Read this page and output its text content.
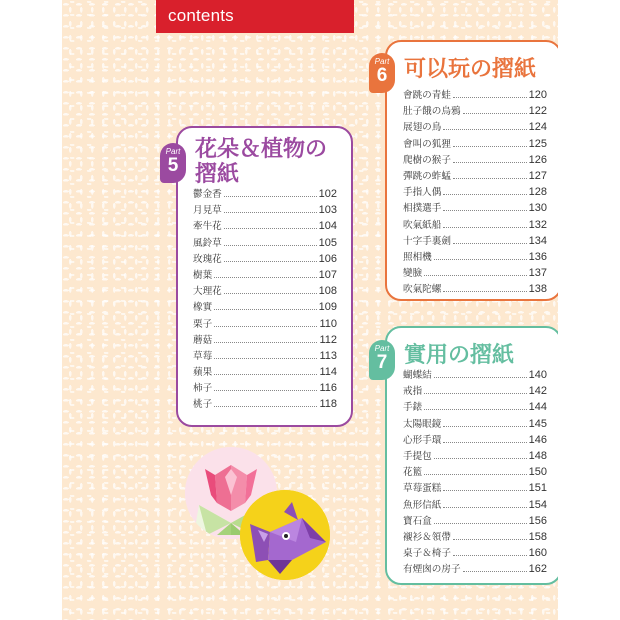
contents
Part
5
花朵＆植物の摺紙
鬱金香	102
月見草	103
牽牛花	104
風鈴草	105
玫瑰花	106
樹葉	107
大理花	108
橡實	109
栗子	110
蘑菇	112
草莓	113
蘋果	114
柿子	116
桃子	118
Part
6 可以玩の摺紙
會跳の青蛙	120
肚子餓の烏鴉	122
展翅の鳥	124
會叫の狐狸	125
爬樹の猴子	126
彈跳の蚱蜢	127
手指人偶	128
相撲選手	130
吹氣紙船	132
十字手裏劍	134
照相機	136
變臉	137
吹氣陀螺	138
Part
7 實用の摺紙
蝴蝶結	140
戒指	142
手錶	144
太陽眼鏡	145
心形手環	146
手提包	148
花籃	150
草莓蛋糕	151
魚形信紙	154
寶石盒	156
襯衫＆領帶	158
桌子＆椅子	160
有煙囪の房子	162
